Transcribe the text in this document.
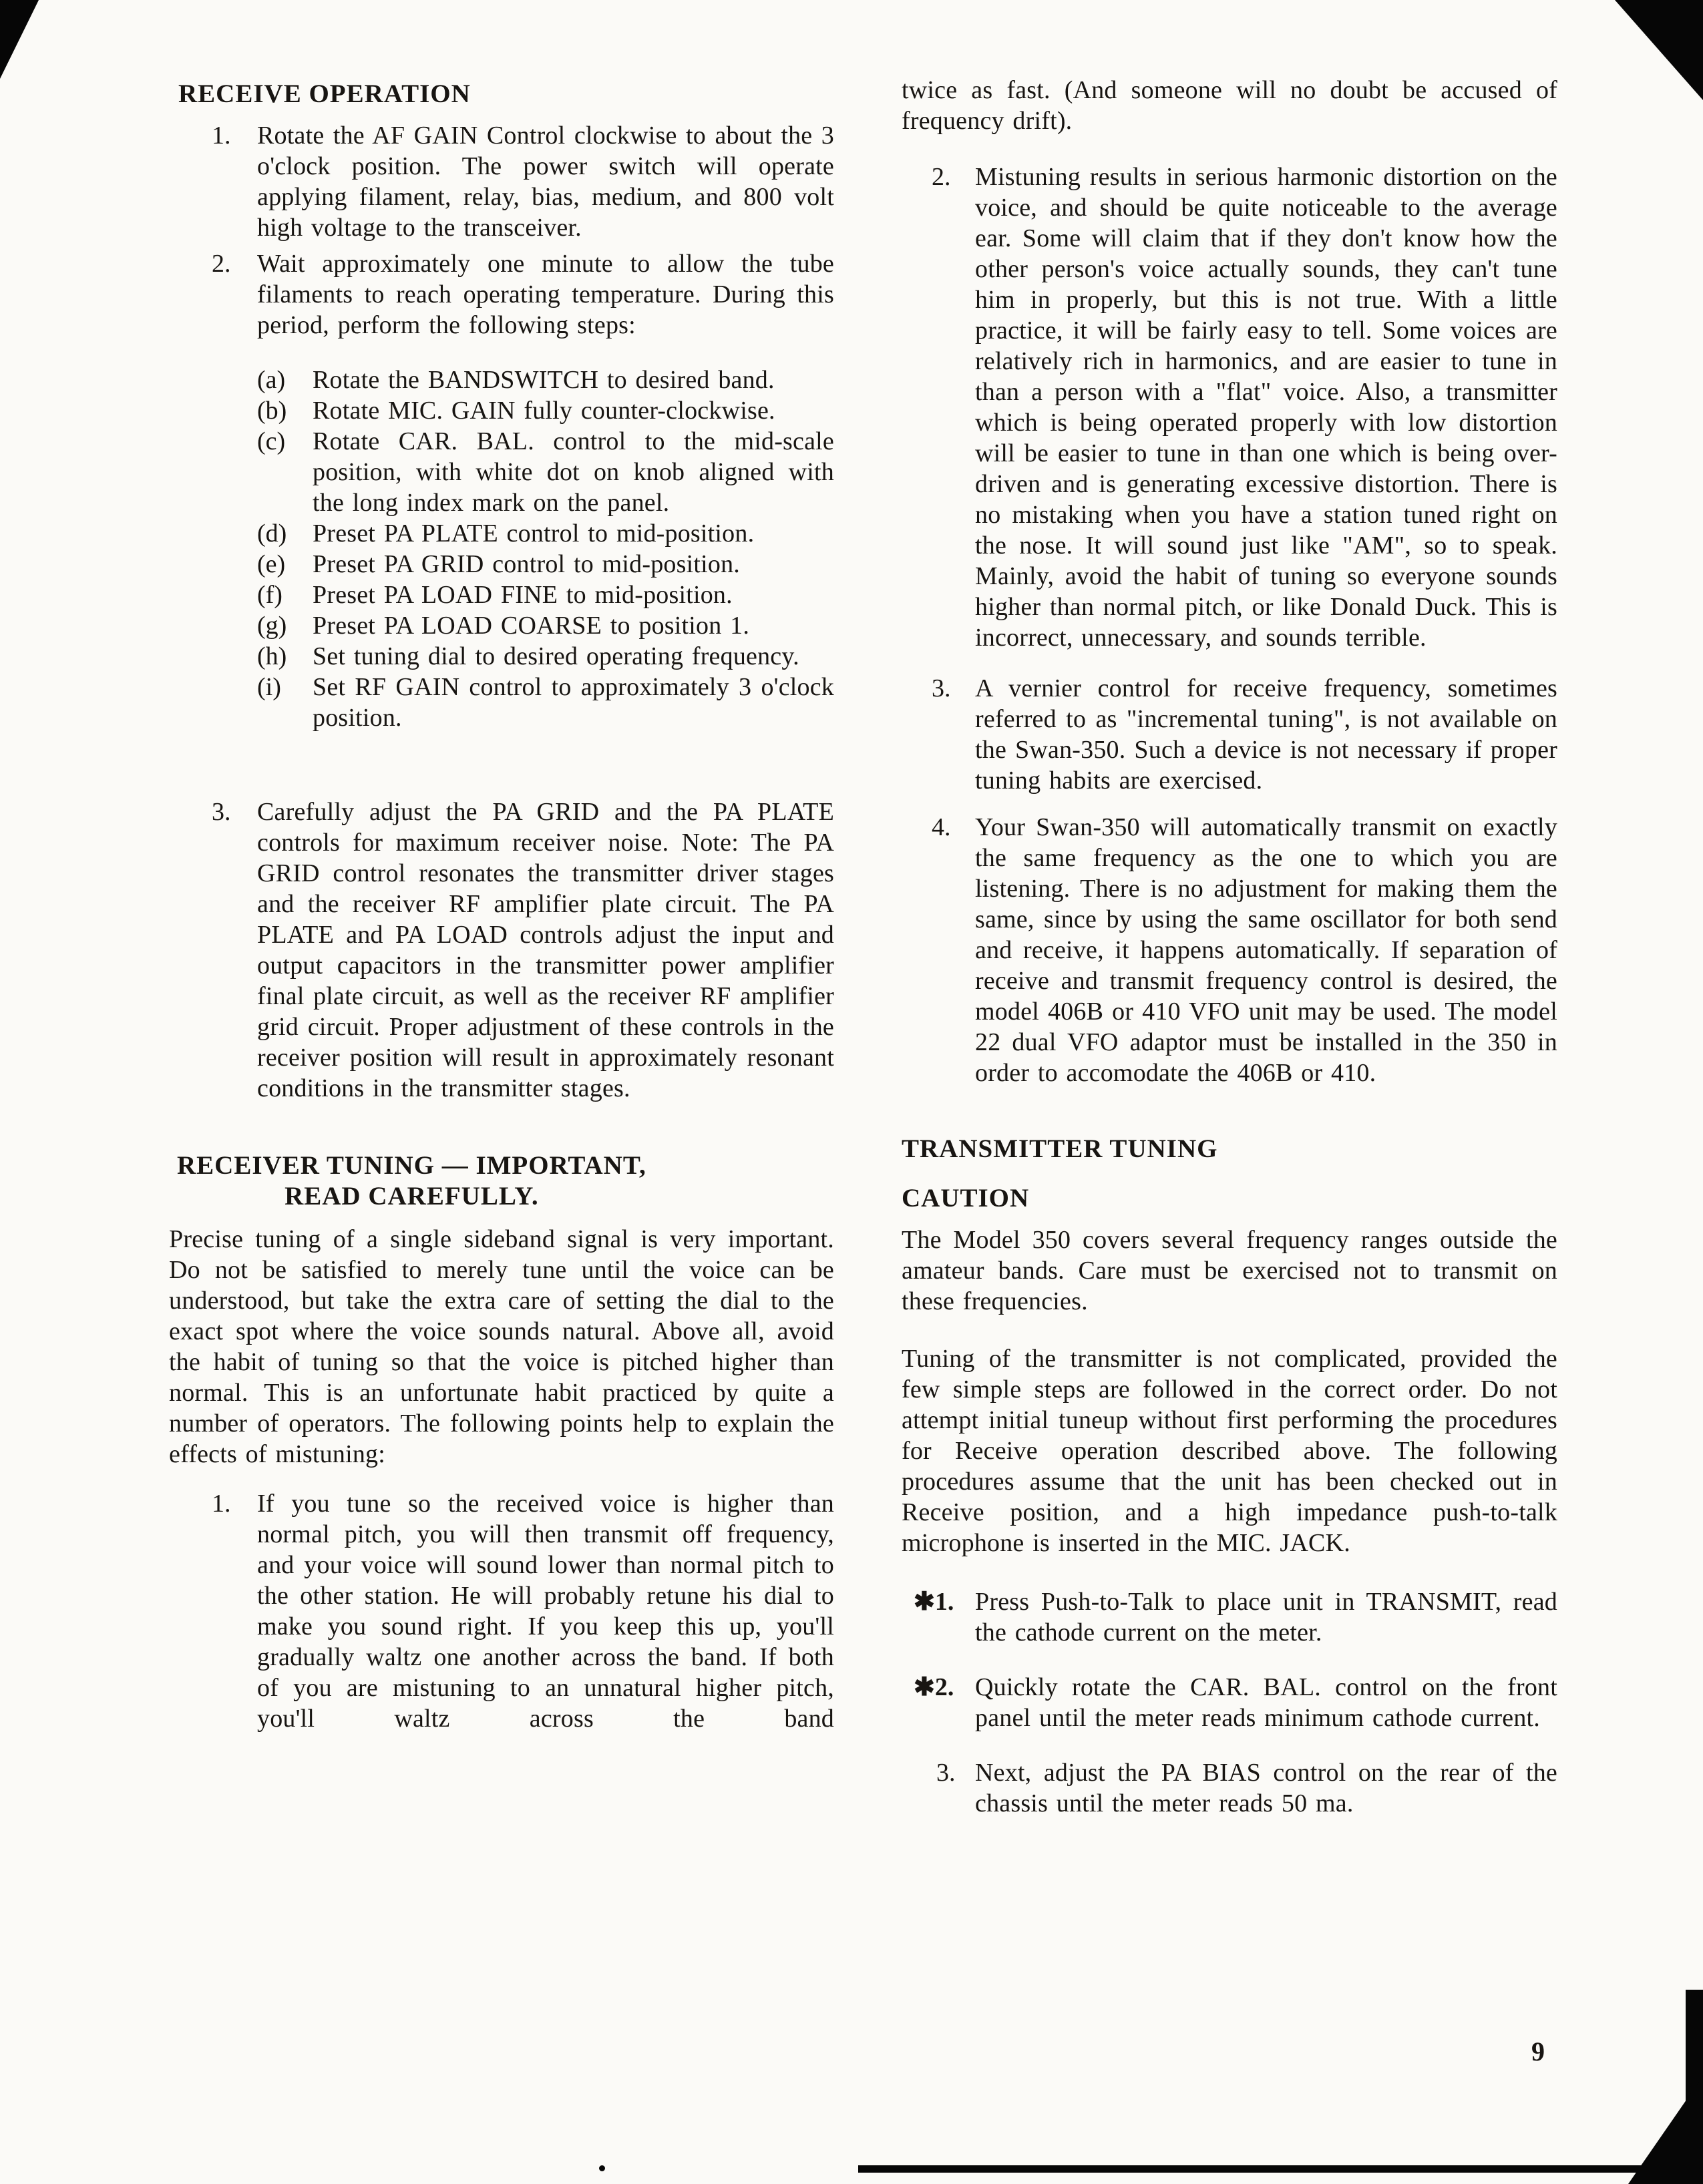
RECEIVE OPERATION
1.	Rotate the AF GAIN Control clockwise to about the 3 o'clock position. The power switch will operate applying filament, relay, bias, medium, and 800 volt high voltage to the transceiver.
2.	Wait approximately one minute to allow the tube filaments to reach operating temperature. During this period, perform the following steps:
(a)	Rotate the BANDSWITCH to desired band.
(b)	Rotate MIC. GAIN fully counter-clockwise.
(c)	Rotate CAR. BAL. control to the mid-scale position, with white dot on knob aligned with the long index mark on the panel.
(d)	Preset PA PLATE control to mid-position.
(e)	Preset PA GRID control to mid-position.
(f)	Preset PA LOAD FINE to mid-position.
(g)	Preset PA LOAD COARSE to position 1.
(h)	Set tuning dial to desired operating frequency.
(i)	Set RF GAIN control to approximately 3 o'clock position.
3.	Carefully adjust the PA GRID and the PA PLATE controls for maximum receiver noise. Note: The PA GRID control resonates the transmitter driver stages and the receiver RF amplifier plate circuit. The PA PLATE and PA LOAD controls adjust the input and output capacitors in the transmitter power amplifier final plate circuit, as well as the receiver RF amplifier grid circuit. Proper adjustment of these controls in the receiver position will result in approximately resonant conditions in the transmitter stages.
RECEIVER TUNING — IMPORTANT,
READ CAREFULLY.

Precise tuning of a single sideband signal is very important. Do not be satisfied to merely tune until the voice can be understood, but take the extra care of setting the dial to the exact spot where the voice sounds natural. Above all, avoid the habit of tuning so that the voice is pitched higher than normal. This is an unfortunate habit practiced by quite a number of operators. The following points help to explain the effects of mistuning:

1.	If you tune so the received voice is higher than normal pitch, you will then transmit off frequency, and your voice will sound lower than normal pitch to the other station. He will probably retune his dial to make you sound right. If you keep this up, you'll gradually waltz one another across the band. If both of you are mistuning to an unnatural higher pitch, you'll waltz across the band

twice as fast. (And someone will no doubt be accused of frequency drift).

2. Mistuning results in serious harmonic distortion on the voice, and should be quite noticeable to the average ear. Some will claim that if they don't know how the other person's voice actually sounds, they can't tune him in properly, but this is not true. With a little practice, it will be fairly easy to tell. Some voices are relatively rich in harmonics, and are easier to tune in than a person with a "flat" voice. Also, a transmitter which is being operated properly with low distortion will be easier to tune in than one which is being over-driven and is generating excessive distortion. There is no mistaking when you have a station tuned right on the nose. It will sound just like "AM", so to speak. Mainly, avoid the habit of tuning so everyone sounds higher than normal pitch, or like Donald Duck. This is incorrect, unnecessary, and sounds terrible.
3. A vernier control for receive frequency, sometimes referred to as "incremental tuning", is not available on the Swan-350. Such a device is not necessary if proper tuning habits are exercised.
4. Your Swan-350 will automatically transmit on exactly the same frequency as the one to which you are listening. There is no adjustment for making them the same, since by using the same oscillator for both send and receive, it happens automatically. If separation of receive and transmit frequency control is desired, the model 406B or 410 VFO unit may be used. The model 22 dual VFO adaptor must be installed in the 350 in order to accomodate the 406B or 410.
TRANSMITTER TUNING
CAUTION

The Model 350 covers several frequency ranges outside the amateur bands. Care must be exercised not to transmit on these frequencies.

Tuning of the transmitter is not complicated, provided the few simple steps are followed in the correct order. Do not attempt initial tuneup without first performing the procedures for Receive operation described above. The following procedures assume that the unit has been checked out in Receive position, and a high impedance push-to-talk microphone is inserted in the MIC. JACK.

✱1. Press Push-to-Talk to place unit in TRANSMIT, read the cathode current on the meter.
✱2. Quickly rotate the CAR. BAL. control on the front panel until the meter reads minimum cathode current.
3. Next, adjust the PA BIAS control on the rear of the chassis until the meter reads 50 ma.
9
